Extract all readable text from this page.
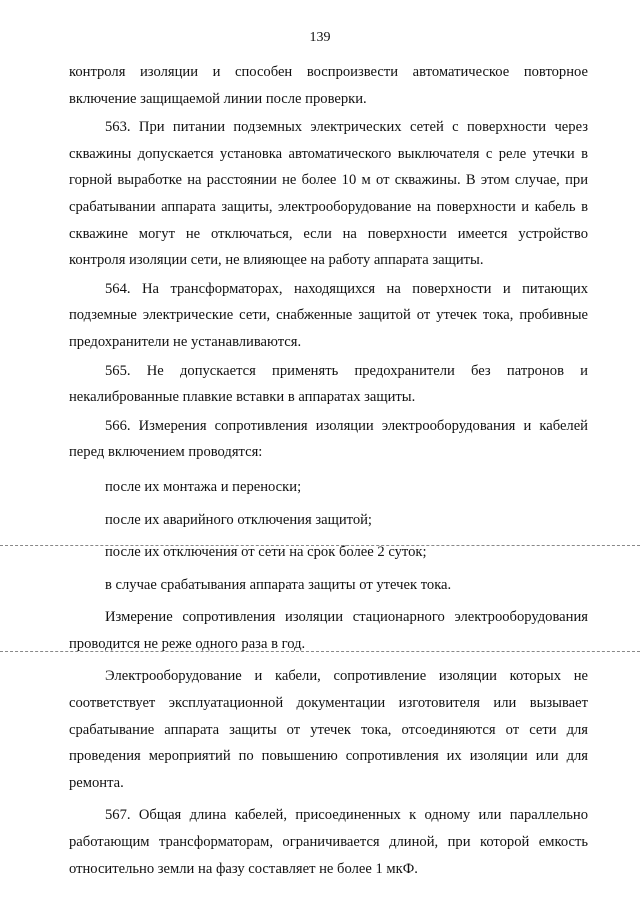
139

контроля изоляции и способен воспроизвести автоматическое повторное включение защищаемой линии после проверки.

563. При питании подземных электрических сетей с поверхности через скважины допускается установка автоматического выключателя с реле утечки в горной выработке на расстоянии не более 10 м от скважины. В этом случае, при срабатывании аппарата защиты, электрооборудование на поверхности и кабель в скважине могут не отключаться, если на поверхности имеется устройство контроля изоляции сети, не влияющее на работу аппарата защиты.

564. На трансформаторах, находящихся на поверхности и питающих подземные электрические сети, снабженные защитой от утечек тока, пробивные предохранители не устанавливаются.

565. Не допускается применять предохранители без патронов и некалиброванные плавкие вставки в аппаратах защиты.

566. Измерения сопротивления изоляции электрооборудования и кабелей перед включением проводятся:

после их монтажа и переноски;

после их аварийного отключения защитой;

после их отключения от сети на срок более 2 суток;

в случае срабатывания аппарата защиты от утечек тока.

Измерение сопротивления изоляции стационарного электрооборудования проводится не реже одного раза в год.

Электрооборудование и кабели, сопротивление изоляции которых не соответствует эксплуатационной документации изготовителя или вызывает срабатывание аппарата защиты от утечек тока, отсоединяются от сети для проведения мероприятий по повышению сопротивления их изоляции или для ремонта.

567. Общая длина кабелей, присоединенных к одному или параллельно работающим трансформаторам, ограничивается длиной, при которой емкость относительно земли на фазу составляет не более 1 мкФ.
